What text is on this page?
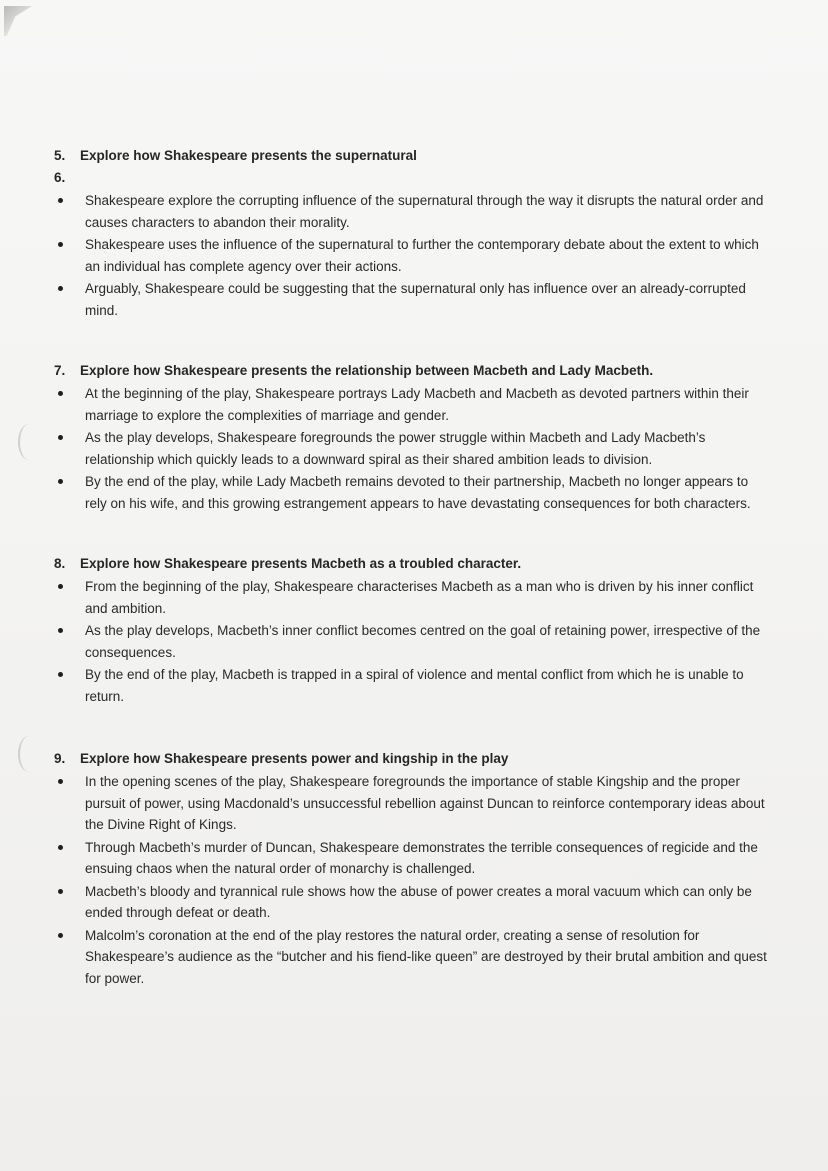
5.	Explore how Shakespeare presents the supernatural
6.
Shakespeare explore the corrupting influence of the supernatural through the way it disrupts the natural order and causes characters to abandon their morality.
Shakespeare uses the influence of the supernatural to further the contemporary debate about the extent to which an individual has complete agency over their actions.
Arguably, Shakespeare could be suggesting that the supernatural only has influence over an already-corrupted mind.
7.	Explore how Shakespeare presents the relationship between Macbeth and Lady Macbeth.
At the beginning of the play, Shakespeare portrays Lady Macbeth and Macbeth as devoted partners within their marriage to explore the complexities of marriage and gender.
As the play develops, Shakespeare foregrounds the power struggle within Macbeth and Lady Macbeth’s relationship which quickly leads to a downward spiral as their shared ambition leads to division.
By the end of the play, while Lady Macbeth remains devoted to their partnership, Macbeth no longer appears to rely on his wife, and this growing estrangement appears to have devastating consequences for both characters.
8.	Explore how Shakespeare presents Macbeth as a troubled character.
From the beginning of the play, Shakespeare characterises Macbeth as a man who is driven by his inner conflict and ambition.
As the play develops, Macbeth’s inner conflict becomes centred on the goal of retaining power, irrespective of the consequences.
By the end of the play, Macbeth is trapped in a spiral of violence and mental conflict from which he is unable to return.
9.	Explore how Shakespeare presents power and kingship in the play
In the opening scenes of the play, Shakespeare foregrounds the importance of stable Kingship and the proper pursuit of power, using Macdonald’s unsuccessful rebellion against Duncan to reinforce contemporary ideas about the Divine Right of Kings.
Through Macbeth’s murder of Duncan, Shakespeare demonstrates the terrible consequences of regicide and the ensuing chaos when the natural order of monarchy is challenged.
Macbeth’s bloody and tyrannical rule shows how the abuse of power creates a moral vacuum which can only be ended through defeat or death.
Malcolm’s coronation at the end of the play restores the natural order, creating a sense of resolution for Shakespeare’s audience as the “butcher and his fiend-like queen” are destroyed by their brutal ambition and quest for power.
